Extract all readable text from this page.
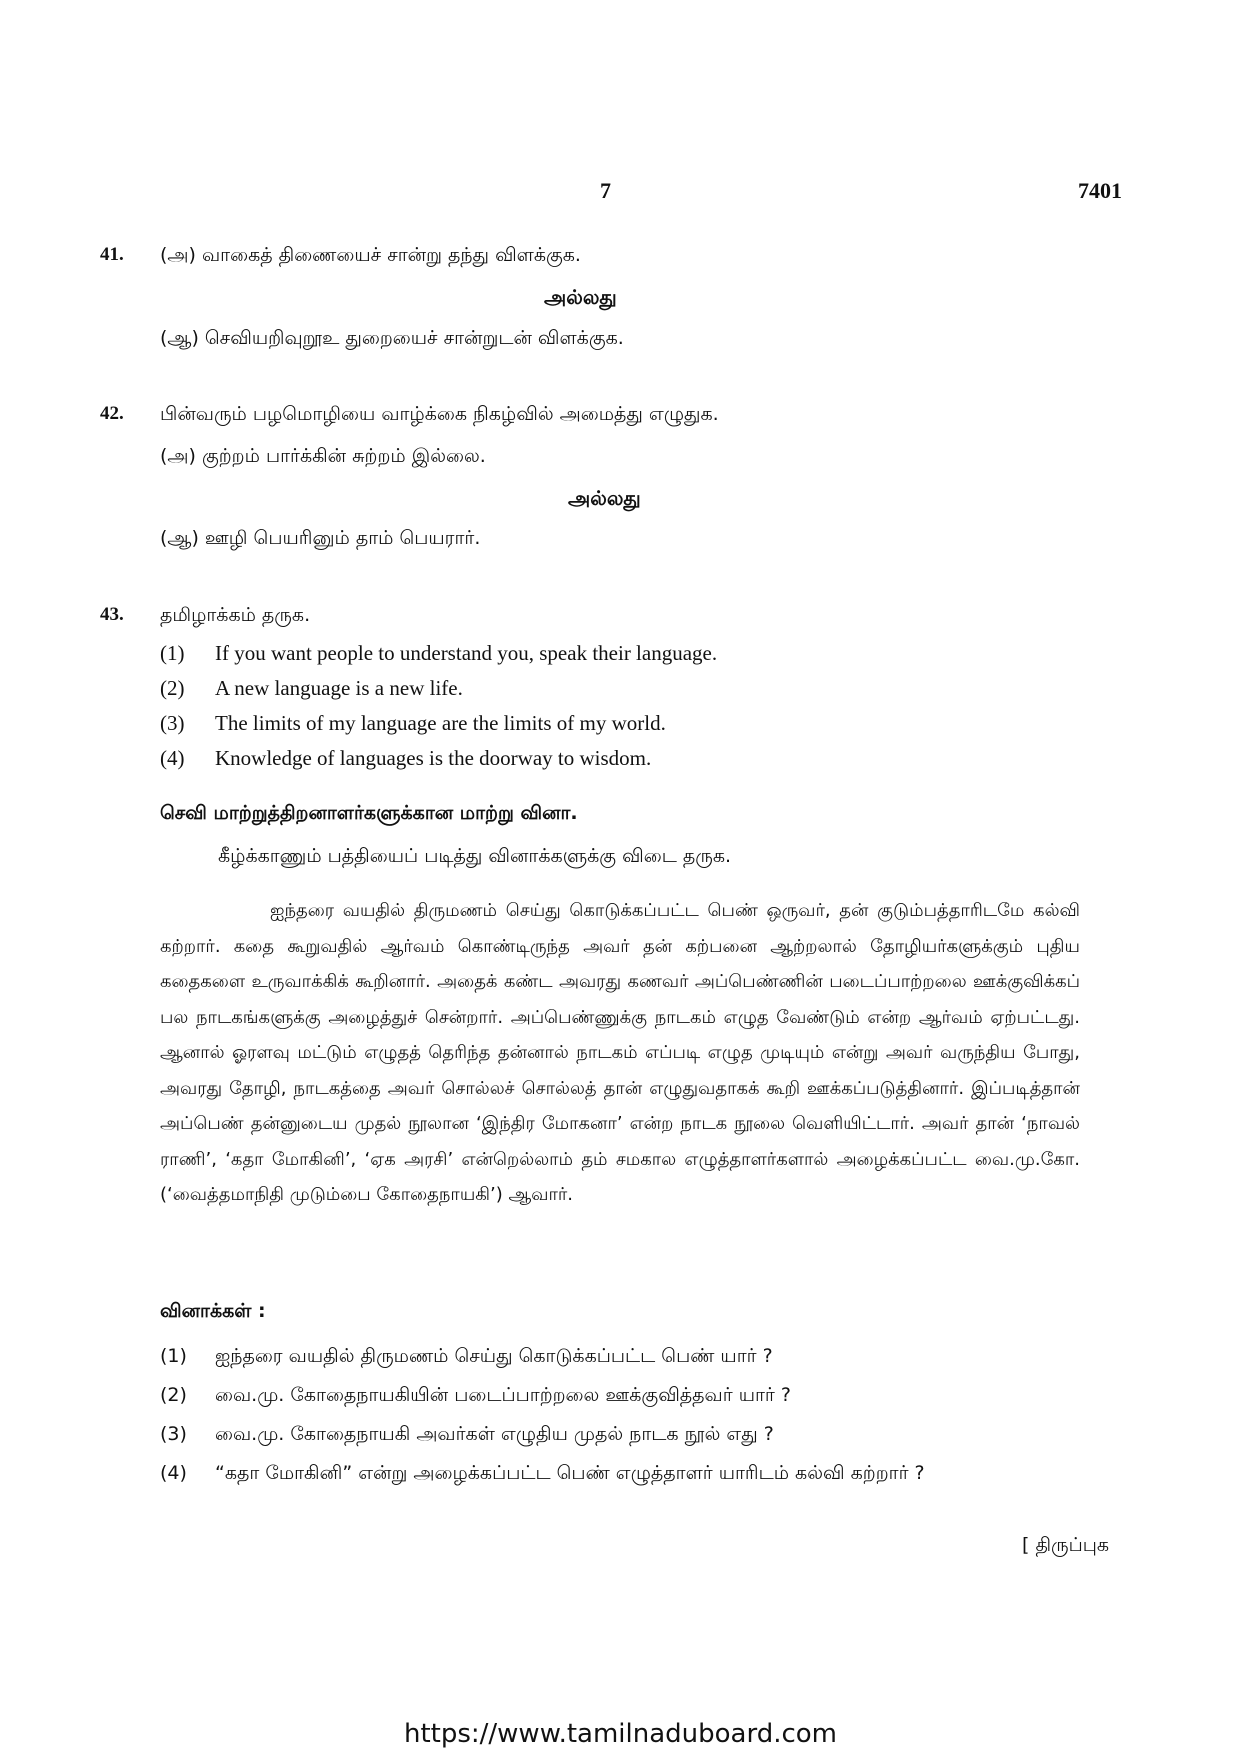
7	7401
41. (அ) வாகைத் திணையைச் சான்று தந்து விளக்குக.
அல்லது
(ஆ) செவியறிவுறூஉ துறையைச் சான்றுடன் விளக்குக.
42. பின்வரும் பழமொழியை வாழ்க்கை நிகழ்வில் அமைத்து எழுதுக.
(அ) குற்றம் பார்க்கின் சுற்றம் இல்லை.
அல்லது
(ஆ) ஊழி பெயரினும் தாம் பெயரார்.
43. தமிழாக்கம் தருக.
(1) If you want people to understand you, speak their language.
(2) A new language is a new life.
(3) The limits of my language are the limits of my world.
(4) Knowledge of languages is the doorway to wisdom.
செவி மாற்றுத்திறனாளர்களுக்கான மாற்று வினா.
கீழ்க்காணும் பத்தியைப் படித்து வினாக்களுக்கு விடை தருக.

ஐந்தரை வயதில் திருமணம் செய்து கொடுக்கப்பட்ட பெண் ஒருவர், தன் குடும்பத்தாரிடமே கல்வி கற்றார். கதை கூறுவதில் ஆர்வம் கொண்டிருந்த அவர் தன் கற்பனை ஆற்றலால் தோழியர்களுக்கும் புதிய கதைகளை உருவாக்கிக் கூறினார். அதைக் கண்ட அவரது கணவர் அப்பெண்ணின் படைப்பாற்றலை ஊக்குவிக்கப் பல நாடகங்களுக்கு அழைத்துச் சென்றார். அப்பெண்ணுக்கு நாடகம் எழுத வேண்டும் என்ற ஆர்வம் ஏற்பட்டது. ஆனால் ஓரளவு மட்டும் எழுதத் தெரிந்த தன்னால் நாடகம் எப்படி எழுத முடியும் என்று அவர் வருந்திய போது, அவரது தோழி, நாடகத்தை அவர் சொல்லச் சொல்லத் தான் எழுதுவதாகக் கூறி ஊக்கப்படுத்தினார். இப்படித்தான் அப்பெண் தன்னுடைய முதல் நூலான ‘இந்திர மோகனா’ என்ற நாடக நூலை வெளியிட்டார். அவர் தான் ‘நாவல் ராணி’, ‘கதா மோகினி’, ‘ஏக அரசி’ என்றெல்லாம் தம் சமகால எழுத்தாளர்களால் அழைக்கப்பட்ட வை.மு.கோ. (‘வைத்தமாநிதி முடும்பை கோதைநாயகி’) ஆவார்.

வினாக்கள் :
(1) ஐந்தரை வயதில் திருமணம் செய்து கொடுக்கப்பட்ட பெண் யார் ?
(2) வை.மு. கோதைநாயகியின் படைப்பாற்றலை ஊக்குவித்தவர் யார் ?
(3) வை.மு. கோதைநாயகி அவர்கள் எழுதிய முதல் நாடக நூல் எது ?
(4) “கதா மோகினி” என்று அழைக்கப்பட்ட பெண் எழுத்தாளர் யாரிடம் கல்வி கற்றார் ?
[ திருப்புக
https://www.tamilnaduboard.com
